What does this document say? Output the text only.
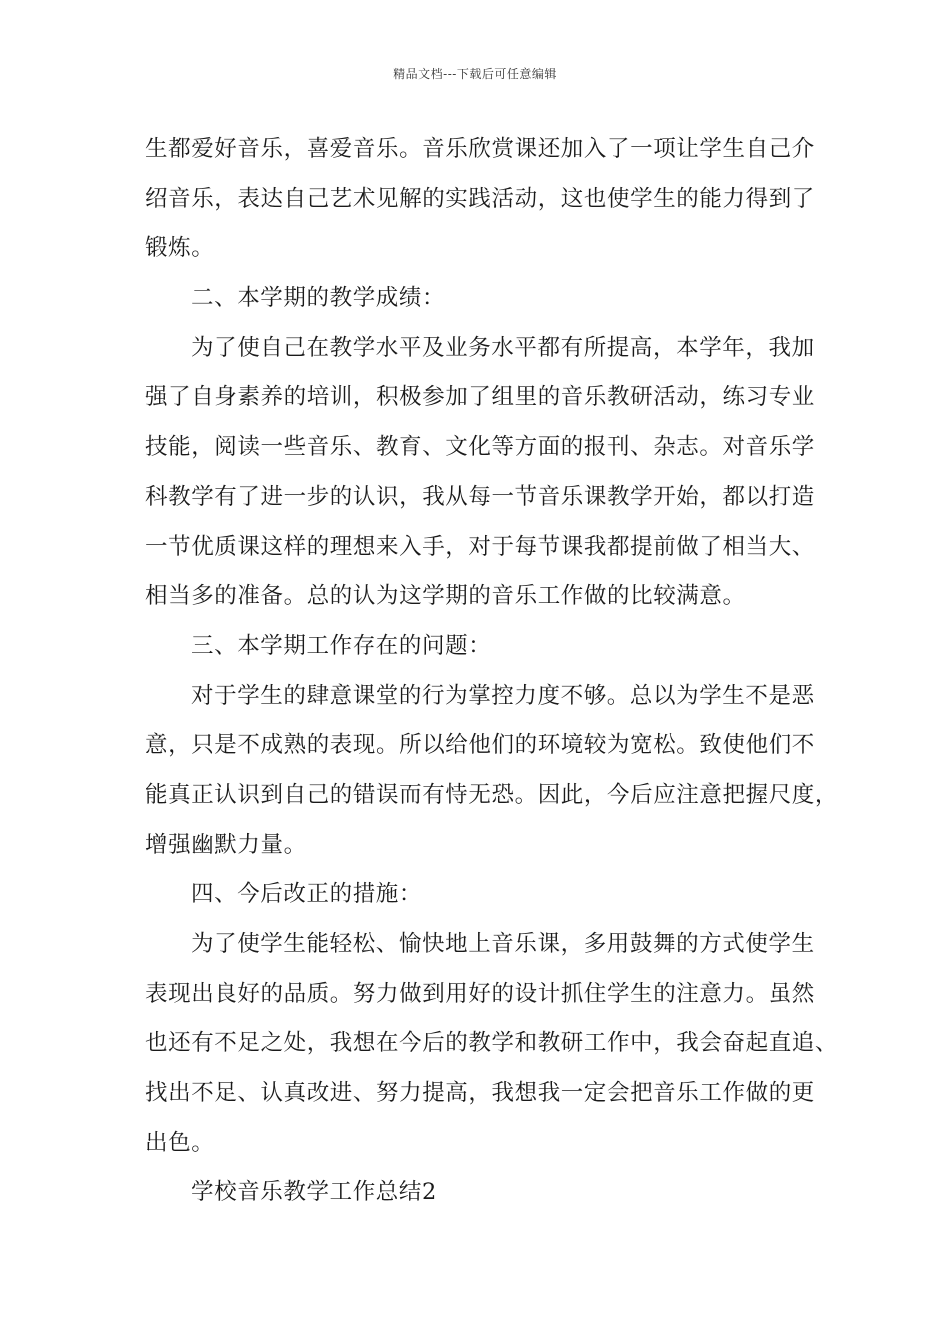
精品文档---下载后可任意编辑
生都爱好音乐，喜爱音乐。音乐欣赏课还加入了一项让学生自己介
绍音乐，表达自己艺术见解的实践活动，这也使学生的能力得到了
锻炼。
二、本学期的教学成绩：
为了使自己在教学水平及业务水平都有所提高，本学年，我加
强了自身素养的培训，积极参加了组里的音乐教研活动，练习专业
技能，阅读一些音乐、教育、文化等方面的报刊、杂志。对音乐学
科教学有了进一步的认识，我从每一节音乐课教学开始，都以打造
一节优质课这样的理想来入手，对于每节课我都提前做了相当大、
相当多的准备。总的认为这学期的音乐工作做的比较满意。
三、本学期工作存在的问题：
对于学生的肆意课堂的行为掌控力度不够。总以为学生不是恶
意，只是不成熟的表现。所以给他们的环境较为宽松。致使他们不
能真正认识到自己的错误而有恃无恐。因此，今后应注意把握尺度，
增强幽默力量。
四、今后改正的措施：
为了使学生能轻松、愉快地上音乐课，多用鼓舞的方式使学生
表现出良好的品质。努力做到用好的设计抓住学生的注意力。虽然
也还有不足之处，我想在今后的教学和教研工作中，我会奋起直追、
找出不足、认真改进、努力提高，我想我一定会把音乐工作做的更
出色。
学校音乐教学工作总结2
